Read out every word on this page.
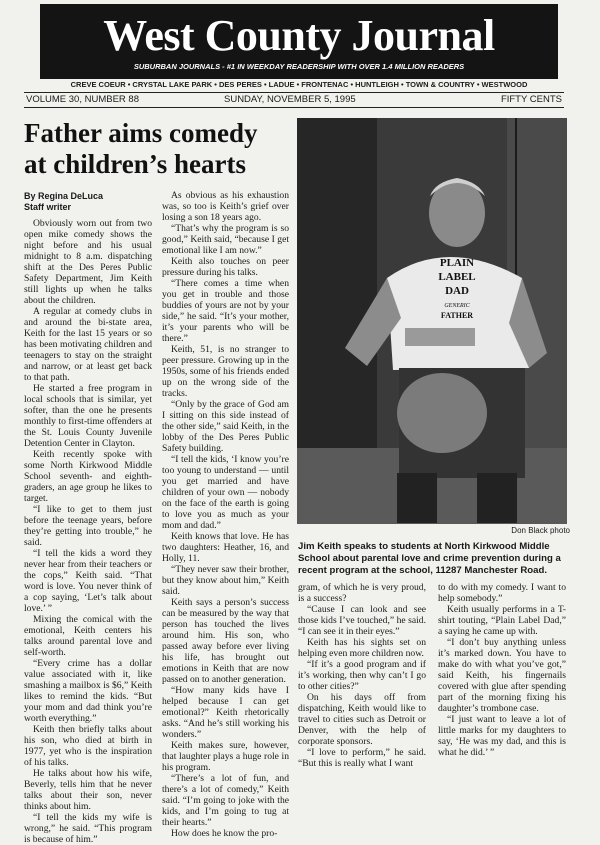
West County Journal
SUBURBAN JOURNALS - #1 IN WEEKDAY READERSHIP WITH OVER 1.4 MILLION READERS
CREVE COEUR • CRYSTAL LAKE PARK • DES PERES • LADUE • FRONTENAC • HUNTLEIGH • TOWN & COUNTRY • WESTWOOD
VOLUME 30, NUMBER 88	SUNDAY, NOVEMBER 5, 1995	FIFTY CENTS
Father aims comedy
at children’s hearts
By Regina DeLuca
Staff writer

Obviously worn out from two open mike comedy shows the night before and his usual midnight to 8 a.m. dispatching shift at the Des Peres Public Safety Department, Jim Keith still lights up when he talks about the children.

A regular at comedy clubs in and around the bi-state area, Keith for the last 15 years or so has been motivating children and teenagers to stay on the straight and narrow, or at least get back to that path.

He started a free program in local schools that is similar, yet softer, than the one he presents monthly to first-time offenders at the St. Louis County Juvenile Detention Center in Clayton.

Keith recently spoke with some North Kirkwood Middle School seventh- and eighth-graders, an age group he likes to target.

“I like to get to them just before the teenage years, before they’re getting into trouble,” he said.

“I tell the kids a word they never hear from their teachers or the cops,” Keith said. “That word is love. You never think of a cop saying, ‘Let’s talk about love.’ ”

Mixing the comical with the emotional, Keith centers his talks around parental love and self-worth.

“Every crime has a dollar value associated with it, like smashing a mailbox is $6,” Keith likes to remind the kids. “But your mom and dad think you’re worth everything.”

Keith then briefly talks about his son, who died at birth in 1977, yet who is the inspiration of his talks.

He talks about how his wife, Beverly, tells him that he never talks about their son, never thinks about him.

“I tell the kids my wife is wrong,” he said. “This program is because of him.”

As obvious as his exhaustion was, so too is Keith’s grief over losing a son 18 years ago.

“That’s why the program is so good,” Keith said, “because I get emotional like I am now.”

Keith also touches on peer pressure during his talks.

“There comes a time when you get in trouble and those buddies of yours are not by your side,” he said. “It’s your mother, it’s your parents who will be there.”

Keith, 51, is no stranger to peer pressure. Growing up in the 1950s, some of his friends ended up on the wrong side of the tracks.

“Only by the grace of God am I sitting on this side instead of the other side,” said Keith, in the lobby of the Des Peres Public Safety building.

“I tell the kids, ‘I know you’re too young to understand — until you get married and have children of your own — nobody on the face of the earth is going to love you as much as your mom and dad.”

Keith knows that love. He has two daughters: Heather, 16, and Holly, 11.

“They never saw their brother, but they know about him,” Keith said.

Keith says a person’s success can be measured by the way that person has touched the lives around him. His son, who passed away before ever living his life, has brought out emotions in Keith that are now passed on to another generation.

“How many kids have I helped because I can get emotional?” Keith rhetorically asks. “And he’s still working his wonders.”

Keith makes sure, however, that laughter plays a huge role in his program.

“There’s a lot of fun, and there’s a lot of comedy,” Keith said. “I’m going to joke with the kids, and I’m going to tug at their hearts.”

How does he know the pro-

gram, of which he is very proud, is a success?

“Cause I can look and see those kids I’ve touched,” he said. “I can see it in their eyes.”

Keith has his sights set on helping even more children now.

“If it’s a good program and if it’s working, then why can’t I go to other cities?”

On his days off from dispatching, Keith would like to travel to cities such as Detroit or Denver, with the help of corporate sponsors.

“I love to perform,” he said. “But this is really what I want

to do with my comedy. I want to help somebody.”

Keith usually performs in a T-shirt touting, “Plain Label Dad,” a saying he came up with.

“I don’t buy anything unless it’s marked down. You have to make do with what you’ve got,” said Keith, his fingernails covered with glue after spending part of the morning fixing his daughter’s trombone case.

“I just want to leave a lot of little marks for my daughters to say, ‘He was my dad, and this is what he did.’ ”

PLAIN
LABEL
DAD
GENERIC
FATHER
Don Black photo
Jim Keith speaks to students at North Kirkwood Middle School about parental love and crime prevention during a recent program at the school, 11287 Manchester Road.
